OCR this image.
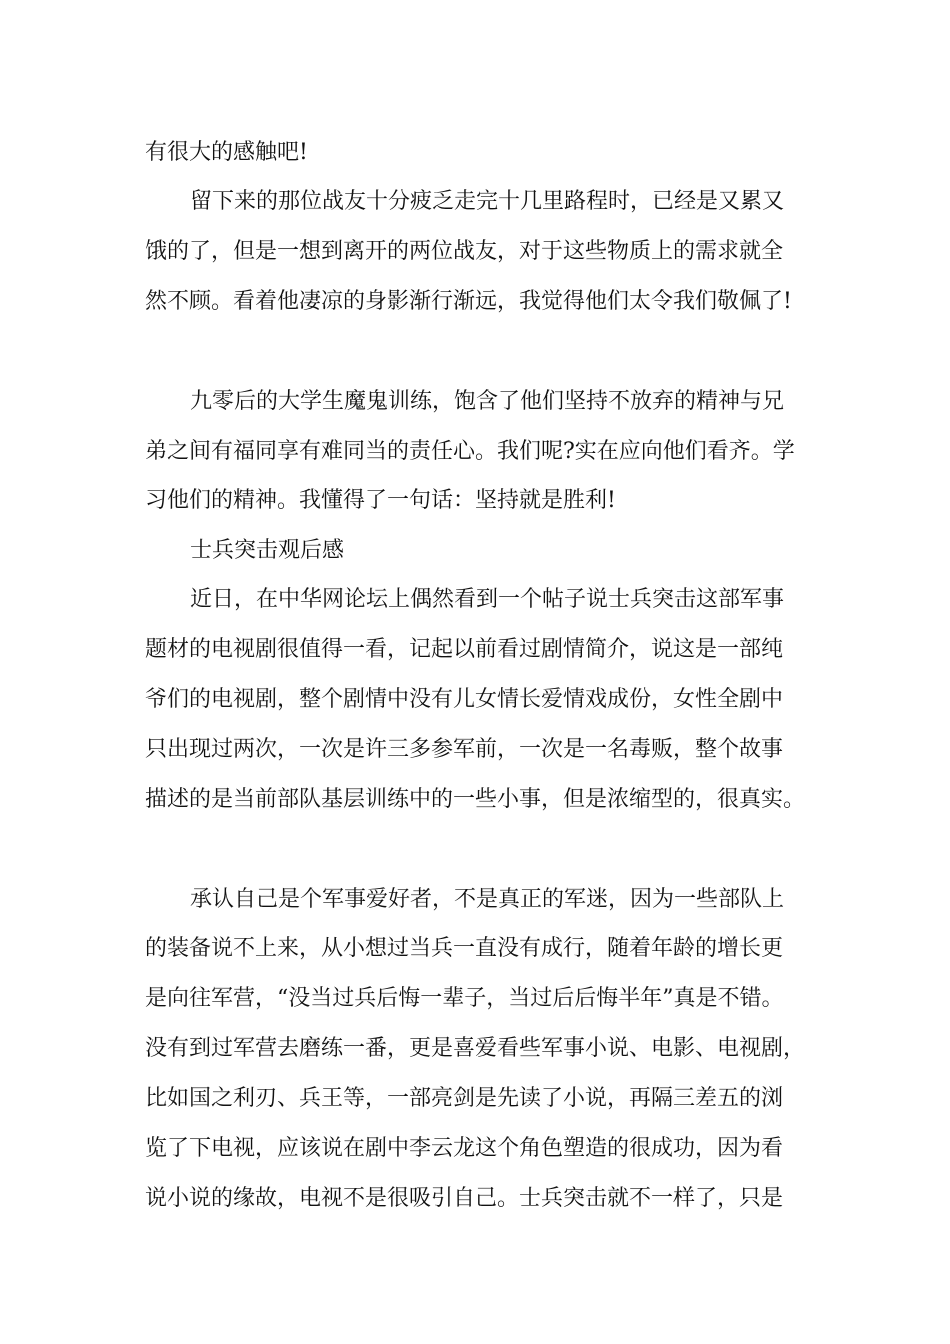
有很大的感触吧!
留下来的那位战友十分疲乏走完十几里路程时，已经是又累又
饿的了，但是一想到离开的两位战友，对于这些物质上的需求就全
然不顾。看着他凄凉的身影渐行渐远，我觉得他们太令我们敬佩了!
九零后的大学生魔鬼训练，饱含了他们坚持不放弃的精神与兄
弟之间有福同享有难同当的责任心。我们呢?实在应向他们看齐。学
习他们的精神。我懂得了一句话：坚持就是胜利!
士兵突击观后感
近日，在中华网论坛上偶然看到一个帖子说士兵突击这部军事
题材的电视剧很值得一看，记起以前看过剧情简介，说这是一部纯
爷们的电视剧，整个剧情中没有儿女情长爱情戏成份，女性全剧中
只出现过两次，一次是许三多参军前，一次是一名毒贩，整个故事
描述的是当前部队基层训练中的一些小事，但是浓缩型的，很真实。
承认自己是个军事爱好者，不是真正的军迷，因为一些部队上
的装备说不上来，从小想过当兵一直没有成行，随着年龄的增长更
是向往军营，“没当过兵后悔一辈子，当过后后悔半年”真是不错。
没有到过军营去磨练一番，更是喜爱看些军事小说、电影、电视剧，
比如国之利刃、兵王等，一部亮剑是先读了小说，再隔三差五的浏
览了下电视，应该说在剧中李云龙这个角色塑造的很成功，因为看
说小说的缘故，电视不是很吸引自己。士兵突击就不一样了，只是
